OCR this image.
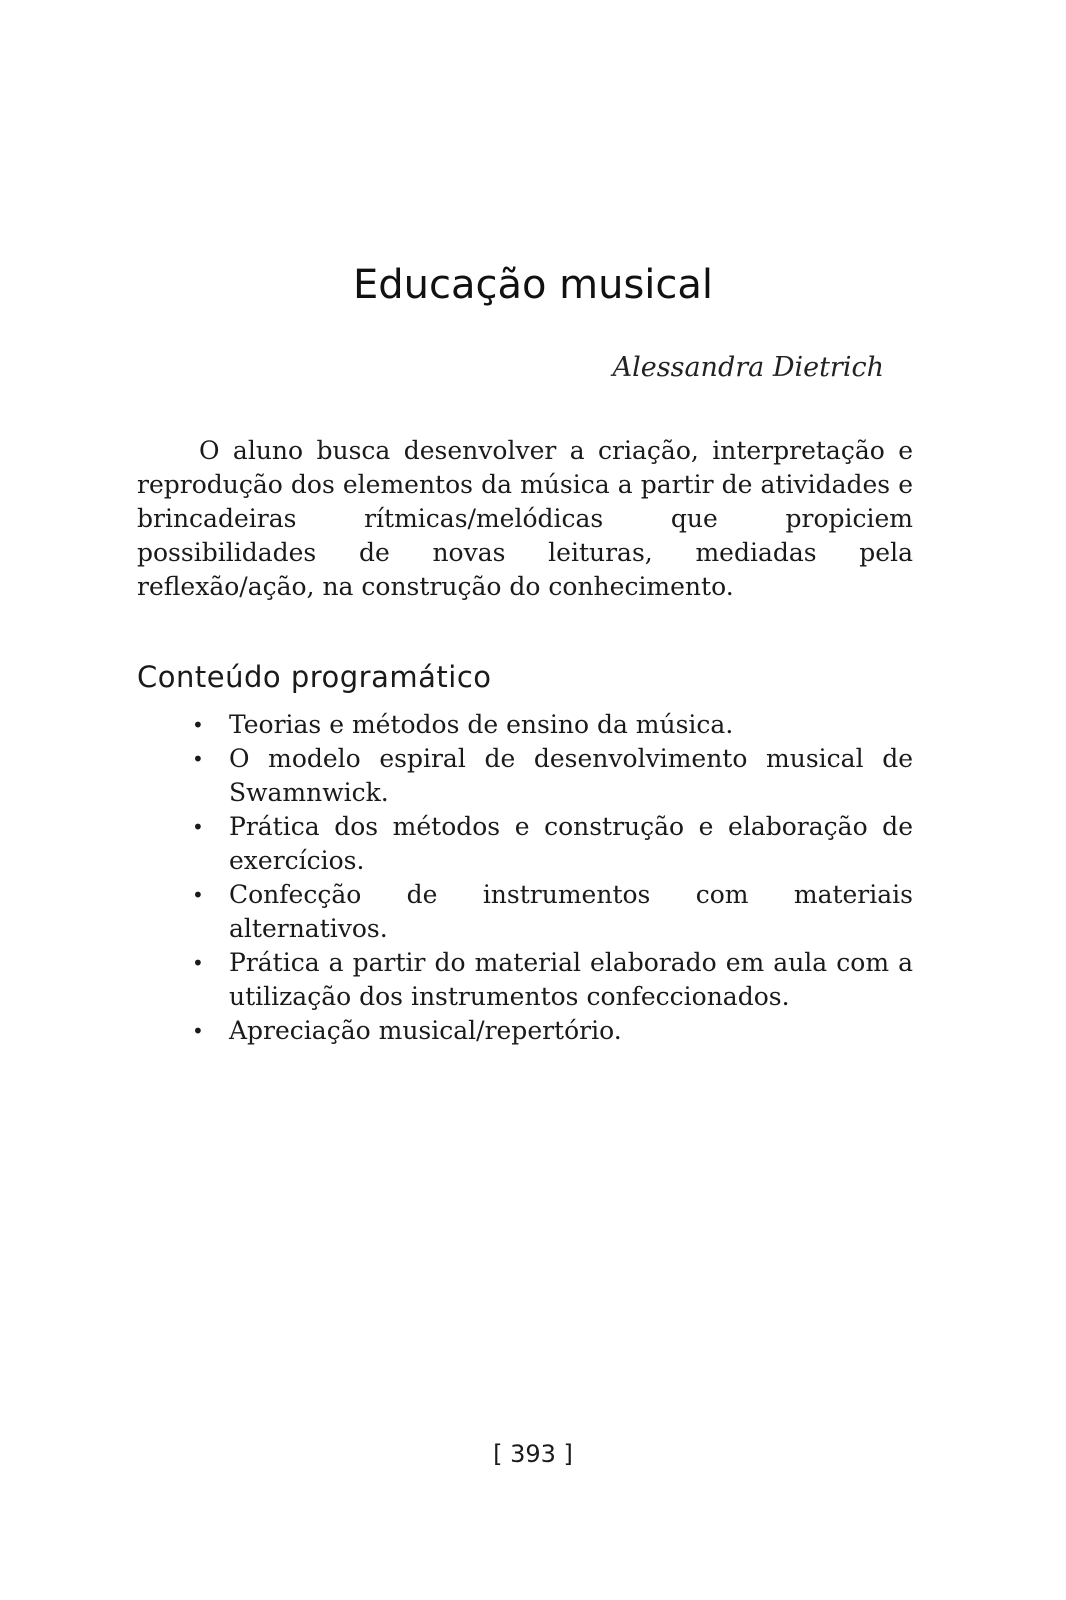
Educação musical
Alessandra Dietrich

O aluno busca desenvolver a criação, interpretação e reprodução dos elementos da música a partir de atividades e brincadeiras rítmicas/melódicas que propiciem possibilidades de novas leituras, mediadas pela reflexão/ação, na construção do conhecimento.

Conteúdo programático
• Teorias e métodos de ensino da música.
• O modelo espiral de desenvolvimento musical de Swamnwick.
• Prática dos métodos e construção e elaboração de exercícios.
• Confecção de instrumentos com materiais alternativos.
• Prática a partir do material elaborado em aula com a utilização dos instrumentos confeccionados.
• Apreciação musical/repertório.
[ 393 ]
